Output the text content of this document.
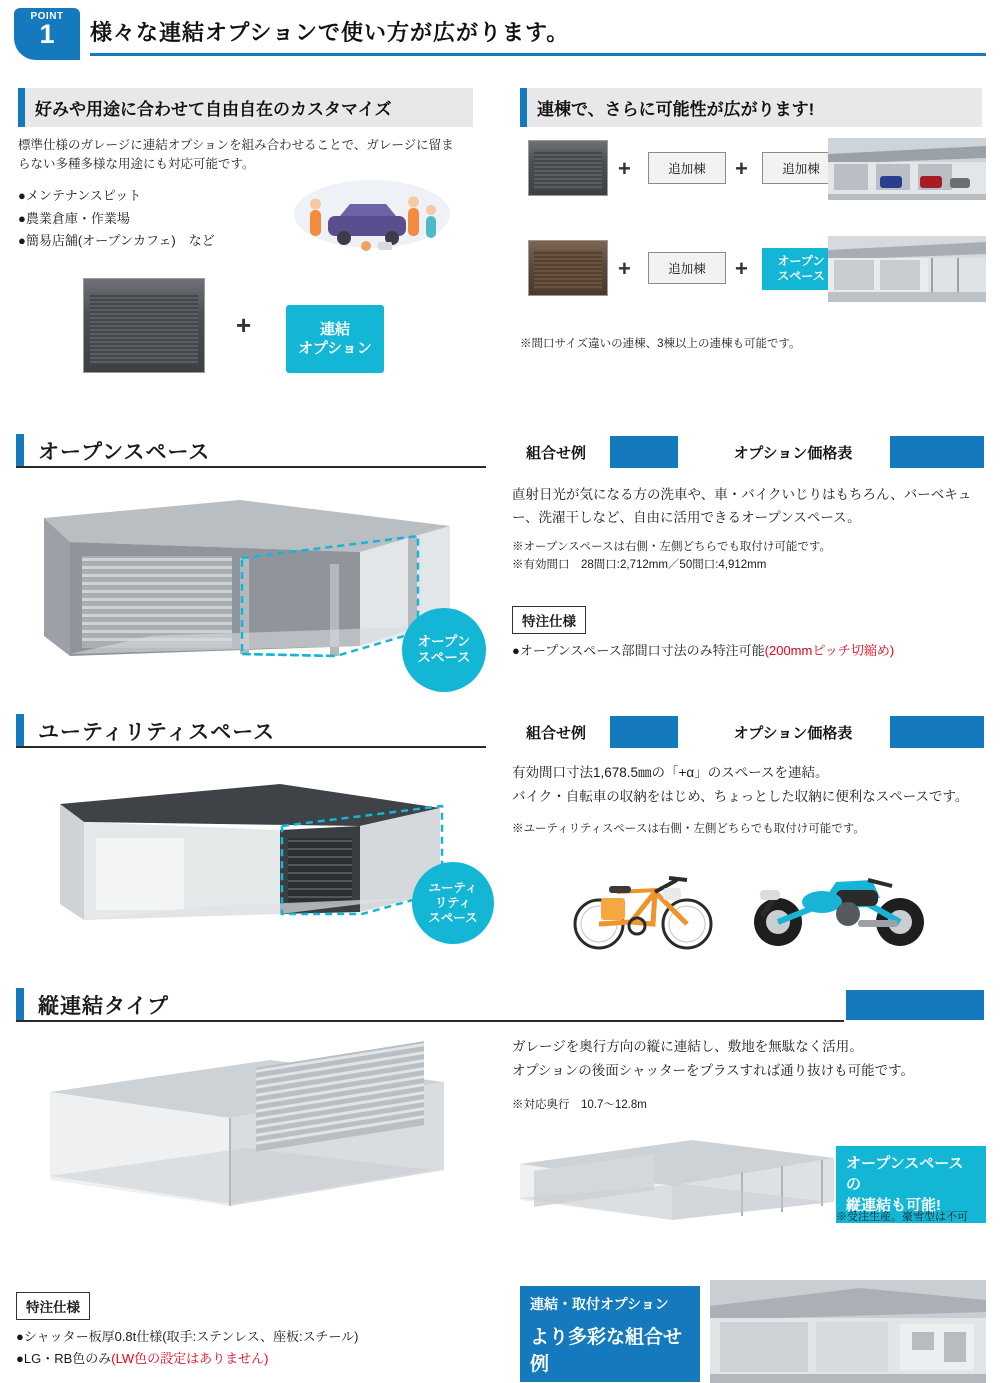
POINT
1	様々な連結オプションで使い方が広がります。
好みや用途に合わせて自由自在のカスタマイズ
標準仕様のガレージに連結オプションを組み合わせることで、ガレージに留まらない多種多様な用途にも対応可能です。
●メンテナンスピット
●農業倉庫・作業場
●簡易店舗(オープンカフェ)　など
+	連結
オプション
連棟で、さらに可能性が広がります!
+	追加棟	+	追加棟
+	追加棟	+ オープン
スペース
※間口サイズ違いの連棟、3棟以上の連棟も可能です。
オープンスペース	組合せ例	オプション価格表
オープン
スペース
直射日光が気になる方の洗車や、車・バイクいじりはもちろん、バーベキュー、洗濯干しなど、自由に活用できるオープンスペース。
※オープンスペースは右側・左側どちらでも取付け可能です。
※有効間口　28間口:2,712mm／50間口:4,912mm
特注仕様
●オープンスペース部間口寸法のみ特注可能(200mmピッチ切縮め)
ユーティリティスペース	組合せ例	オプション価格表
ユーティ
リティ
スペース
有効間口寸法1,678.5㎜の「+α」のスペースを連結。
バイク・自転車の収納をはじめ、ちょっとした収納に便利なスペースです。
※ユーティリティスペースは右側・左側どちらでも取付け可能です。
縦連結タイプ
ガレージを奥行方向の縦に連結し、敷地を無駄なく活用。
オプションの後面シャッターをプラスすれば通り抜けも可能です。
※対応奥行　10.7〜12.8m
オープンスペースの
縦連結も可能!
※受注生産。豪雪型は不可
特注仕様
●シャッター板厚0.8t仕様(取手:ステンレス、座板:スチール)
●LG・RB色のみ(LW色の設定はありません)
連結・取付オプション
より多彩な組合せ例
